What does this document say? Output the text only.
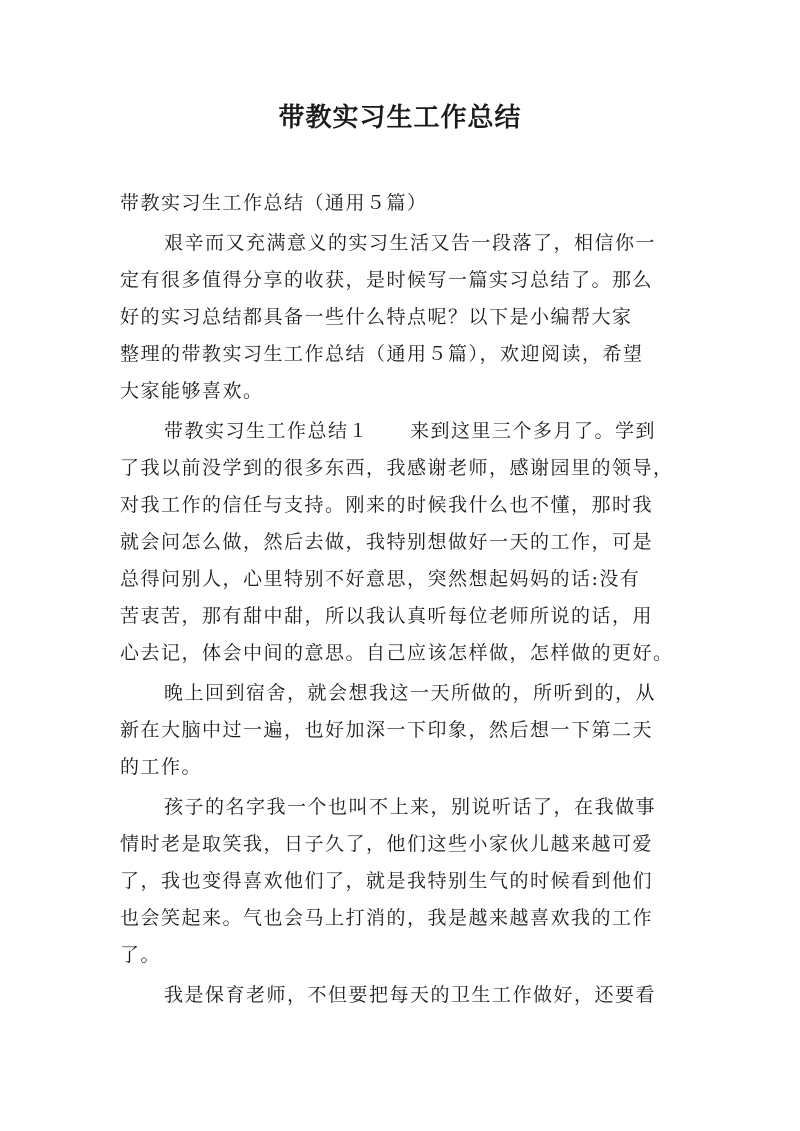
带教实习生工作总结
带教实习生工作总结（通用５篇）
艰辛而又充满意义的实习生活又告一段落了，相信你一
定有很多值得分享的收获，是时候写一篇实习总结了。那么
好的实习总结都具备一些什么特点呢？以下是小编帮大家
整理的带教实习生工作总结（通用５篇），欢迎阅读，希望
大家能够喜欢。
带教实习生工作总结１　　来到这里三个多月了。学到
了我以前没学到的很多东西，我感谢老师，感谢园里的领导，
对我工作的信任与支持。刚来的时候我什么也不懂，那时我
就会问怎么做，然后去做，我特别想做好一天的工作，可是
总得问别人，心里特别不好意思，突然想起妈妈的话:没有
苦衷苦，那有甜中甜，所以我认真听每位老师所说的话，用
心去记，体会中间的意思。自己应该怎样做，怎样做的更好。
晚上回到宿舍，就会想我这一天所做的，所听到的，从
新在大脑中过一遍，也好加深一下印象，然后想一下第二天
的工作。
孩子的名字我一个也叫不上来，别说听话了，在我做事
情时老是取笑我，日子久了，他们这些小家伙儿越来越可爱
了，我也变得喜欢他们了，就是我特别生气的时候看到他们
也会笑起来。气也会马上打消的，我是越来越喜欢我的工作
了。
我是保育老师，不但要把每天的卫生工作做好，还要看
